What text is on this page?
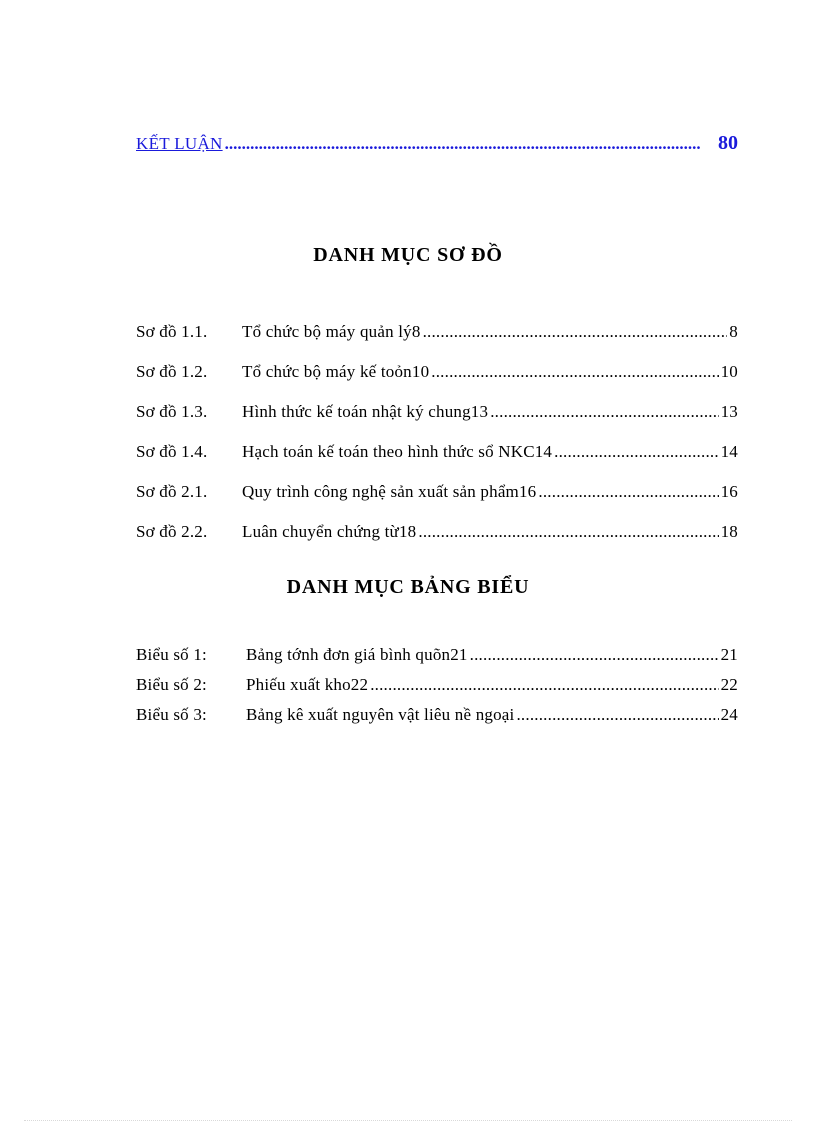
KẾT LUẬN .....	80
DANH MỤC SƠ ĐỒ
Sơ đồ 1.1.	Tổ chức bộ máy quản lý8 .....	8
Sơ đồ 1.2.	Tổ chức bộ máy kế toỏn10 .....	10
Sơ đồ 1.3.	Hình thức kế toán nhật ký chung13 .....	13
Sơ đồ 1.4.	Hạch toán kế toán theo hình thức sổ NKC14 .....	14
Sơ đồ 2.1.	Quy trình công nghệ sản xuất sản phẩm16 .....	16
Sơ đồ 2.2.	Luân chuyển chứng từ18 .....	18
DANH MỤC BẢNG BIỂU
Biểu số 1:	Bảng tớnh đơn giá bình quõn21 .....	21
Biểu số 2:	Phiếu xuất kho22 .....	22
Biểu số 3:	Bảng kê xuất nguyên vật liêu nề ngoại .....	24
